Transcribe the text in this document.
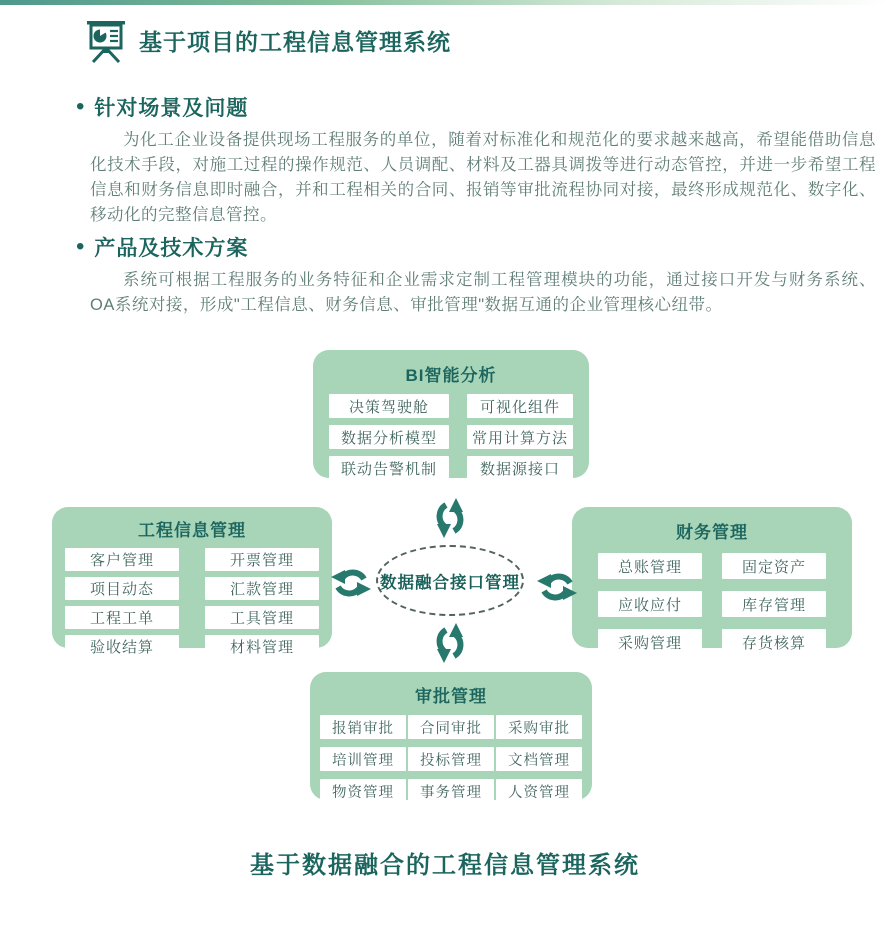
基于项目的工程信息管理系统
• 针对场景及问题

为化工企业设备提供现场工程服务的单位，随着对标准化和规范化的要求越来越高，希望能借助信息化技术手段，对施工过程的操作规范、人员调配、材料及工器具调拨等进行动态管控，并进一步希望工程信息和财务信息即时融合，并和工程相关的合同、报销等审批流程协同对接，最终形成规范化、数字化、移动化的完整信息管控。

• 产品及技术方案

系统可根据工程服务的业务特征和企业需求定制工程管理模块的功能，通过接口开发与财务系统、OA系统对接，形成"工程信息、财务信息、审批管理"数据互通的企业管理核心纽带。

BI智能分析
决策驾驶舱	可视化组件
数据分析模型	常用计算方法
联动告警机制	数据源接口
工程信息管理
客户管理	开票管理
项目动态	汇款管理
工程工单	工具管理
验收结算	材料管理
财务管理
总账管理	固定资产
应收应付	库存管理
采购管理	存货核算
审批管理
报销审批	合同审批	采购审批
培训管理	投标管理	文档管理
物资管理	事务管理	人资管理
数据融合接口管理
基于数据融合的工程信息管理系统
